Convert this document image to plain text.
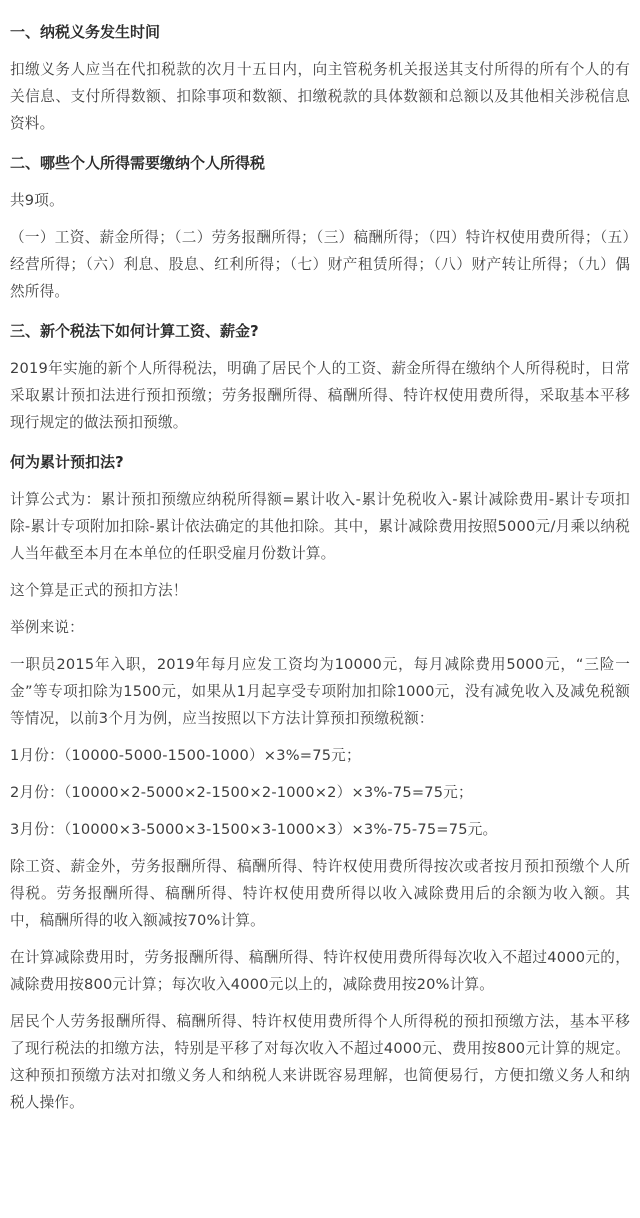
一、纳税义务发生时间

扣缴义务人应当在代扣税款的次月十五日内，向主管税务机关报送其支付所得的所有个人的有关信息、支付所得数额、扣除事项和数额、扣缴税款的具体数额和总额以及其他相关涉税信息资料。

二、哪些个人所得需要缴纳个人所得税

共9项。

（一）工资、薪金所得；（二）劳务报酬所得；（三）稿酬所得；（四）特许权使用费所得；（五）经营所得；（六）利息、股息、红利所得；（七）财产租赁所得；（八）财产转让所得；（九）偶然所得。

三、新个税法下如何计算工资、薪金?

2019年实施的新个人所得税法，明确了居民个人的工资、薪金所得在缴纳个人所得税时，日常采取累计预扣法进行预扣预缴；劳务报酬所得、稿酬所得、特许权使用费所得，采取基本平移现行规定的做法预扣预缴。

何为累计预扣法?

计算公式为：累计预扣预缴应纳税所得额=累计收入-累计免税收入-累计减除费用-累计专项扣除-累计专项附加扣除-累计依法确定的其他扣除。其中，累计减除费用按照5000元/月乘以纳税人当年截至本月在本单位的任职受雇月份数计算。

这个算是正式的预扣方法！

举例来说：

一职员2015年入职，2019年每月应发工资均为10000元，每月减除费用5000元，“三险一金”等专项扣除为1500元，如果从1月起享受专项附加扣除1000元，没有减免收入及减免税额等情况，以前3个月为例，应当按照以下方法计算预扣预缴税额：

1月份：（10000-5000-1500-1000）×3%=75元；

2月份：（10000×2-5000×2-1500×2-1000×2）×3%-75=75元；

3月份：（10000×3-5000×3-1500×3-1000×3）×3%-75-75=75元。

除工资、薪金外，劳务报酬所得、稿酬所得、特许权使用费所得按次或者按月预扣预缴个人所得税。劳务报酬所得、稿酬所得、特许权使用费所得以收入减除费用后的余额为收入额。其中，稿酬所得的收入额减按70%计算。

在计算减除费用时，劳务报酬所得、稿酬所得、特许权使用费所得每次收入不超过4000元的，减除费用按800元计算；每次收入4000元以上的，减除费用按20%计算。

居民个人劳务报酬所得、稿酬所得、特许权使用费所得个人所得税的预扣预缴方法，基本平移了现行税法的扣缴方法，特别是平移了对每次收入不超过4000元、费用按800元计算的规定。这种预扣预缴方法对扣缴义务人和纳税人来讲既容易理解，也简便易行，方便扣缴义务人和纳税人操作。
